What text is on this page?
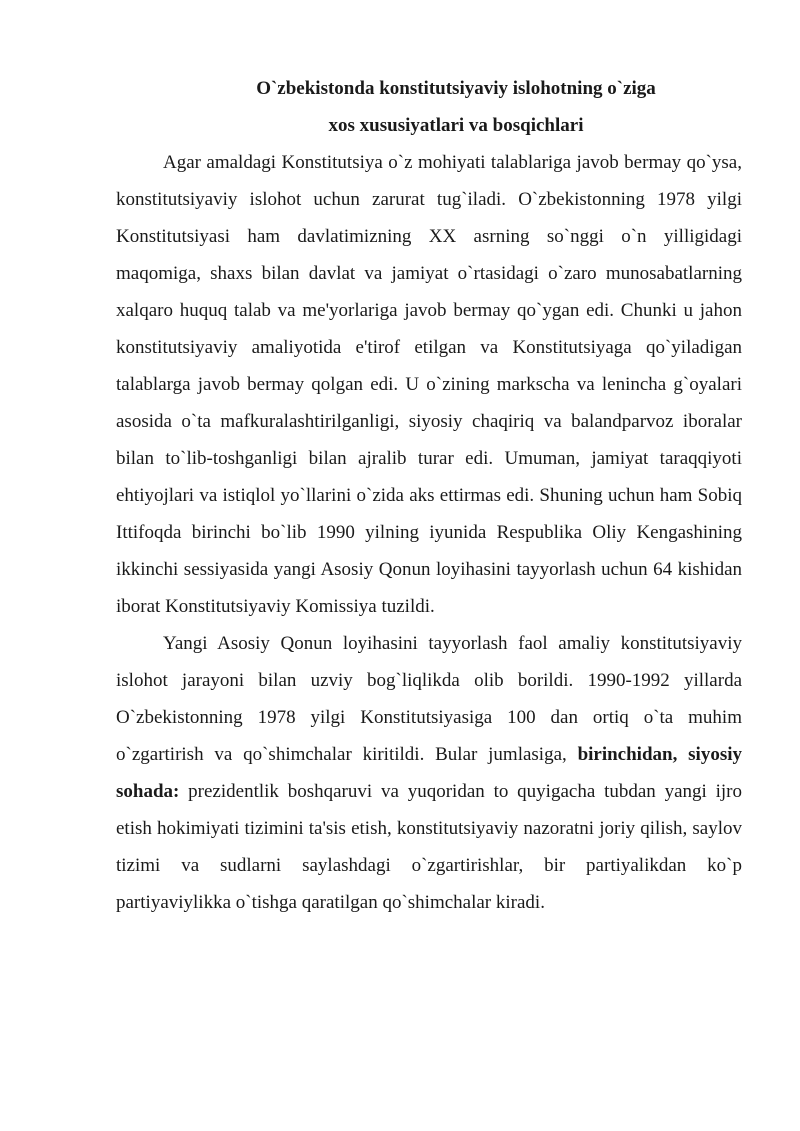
O`zbekistonda konstitutsiyaviy islohotning o`ziga

xos xususiyatlari va bosqichlari

Agar amaldagi Konstitutsiya o`z mohiyati talablariga javob bermay qo`ysa, konstitutsiyaviy islohot uchun zarurat tug`iladi. O`zbekistonning 1978 yilgi Konstitutsiyasi ham davlatimizning XX asrning so`nggi o`n yilligidagi maqomiga, shaxs bilan davlat va jamiyat o`rtasidagi o`zaro munosabatlarning xalqaro huquq talab va me'yorlariga javob bermay qo`ygan edi. Chunki u jahon konstitutsiyaviy amaliyotida e'tirof etilgan va Konstitutsiyaga qo`yiladigan talablarga javob bermay qolgan edi. U o`zining markscha va lenincha g`oyalari asosida o`ta mafkuralashtirilganligi, siyosiy chaqiriq va balandparvoz iboralar bilan to`lib-toshganligi bilan ajralib turar edi. Umuman, jamiyat taraqqiyoti ehtiyojlari va istiqlol yo`llarini o`zida aks ettirmas edi. Shuning uchun ham Sobiq Ittifoqda birinchi bo`lib 1990 yilning iyunida Respublika Oliy Kengashining ikkinchi sessiyasida yangi Asosiy Qonun loyihasini tayyorlash uchun 64 kishidan iborat Konstitutsiyaviy Komissiya tuzildi.

Yangi Asosiy Qonun loyihasini tayyorlash faol amaliy konstitutsiyaviy islohot jarayoni bilan uzviy bog`liqlikda olib borildi. 1990-1992 yillarda O`zbekistonning 1978 yilgi Konstitutsiyasiga 100 dan ortiq o`ta muhim o`zgartirish va qo`shimchalar kiritildi. Bular jumlasiga, birinchidan, siyosiy sohada: prezidentlik boshqaruvi va yuqoridan to quyigacha tubdan yangi ijro etish hokimiyati tizimini ta'sis etish, konstitutsiyaviy nazoratni joriy qilish, saylov tizimi va sudlarni saylashdagi o`zgartirishlar, bir partiyalikdan ko`p partiyaviylikka o`tishga qaratilgan qo`shimchalar kiradi.
